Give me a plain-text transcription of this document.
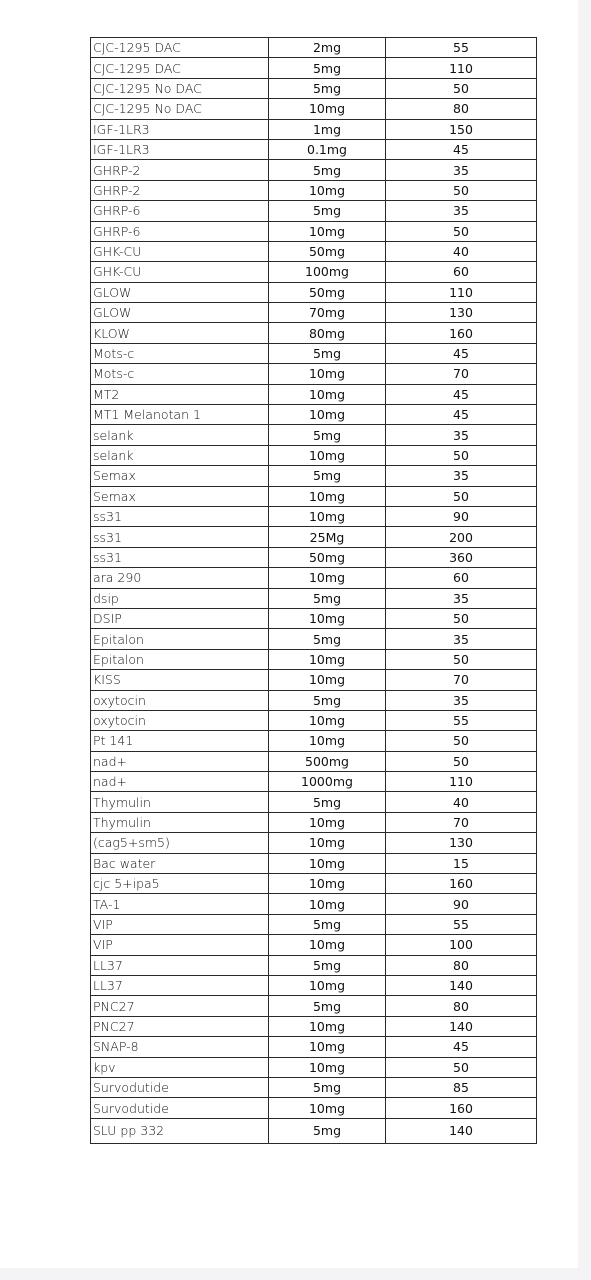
CJC-1295 DAC	2mg	55
CJC-1295 DAC	5mg	110
CJC-1295 No DAC	5mg	50
CJC-1295 No DAC	10mg	80
IGF-1LR3	1mg	150
IGF-1LR3	0.1mg	45
GHRP-2	5mg	35
GHRP-2	10mg	50
GHRP-6	5mg	35
GHRP-6	10mg	50
GHK-CU	50mg	40
GHK-CU	100mg	60
GLOW	50mg	110
GLOW	70mg	130
KLOW	80mg	160
Mots-c	5mg	45
Mots-c	10mg	70
MT2	10mg	45
MT1 Melanotan 1	10mg	45
selank	5mg	35
selank	10mg	50
Semax	5mg	35
Semax	10mg	50
ss31	10mg	90
ss31	25Mg	200
ss31	50mg	360
ara 290	10mg	60
dsip	5mg	35
DSIP	10mg	50
Epitalon	5mg	35
Epitalon	10mg	50
KISS	10mg	70
oxytocin	5mg	35
oxytocin	10mg	55
Pt 141	10mg	50
nad+	500mg	50
nad+	1000mg	110
Thymulin	5mg	40
Thymulin	10mg	70
(cag5+sm5)	10mg	130
Bac water	10mg	15
cjc 5+ipa5	10mg	160
TA-1	10mg	90
VIP	5mg	55
VIP	10mg	100
LL37	5mg	80
LL37	10mg	140
PNC27	5mg	80
PNC27	10mg	140
SNAP-8	10mg	45
kpv	10mg	50
Survodutide	5mg	85
Survodutide	10mg	160
SLU pp 332	5mg	140
